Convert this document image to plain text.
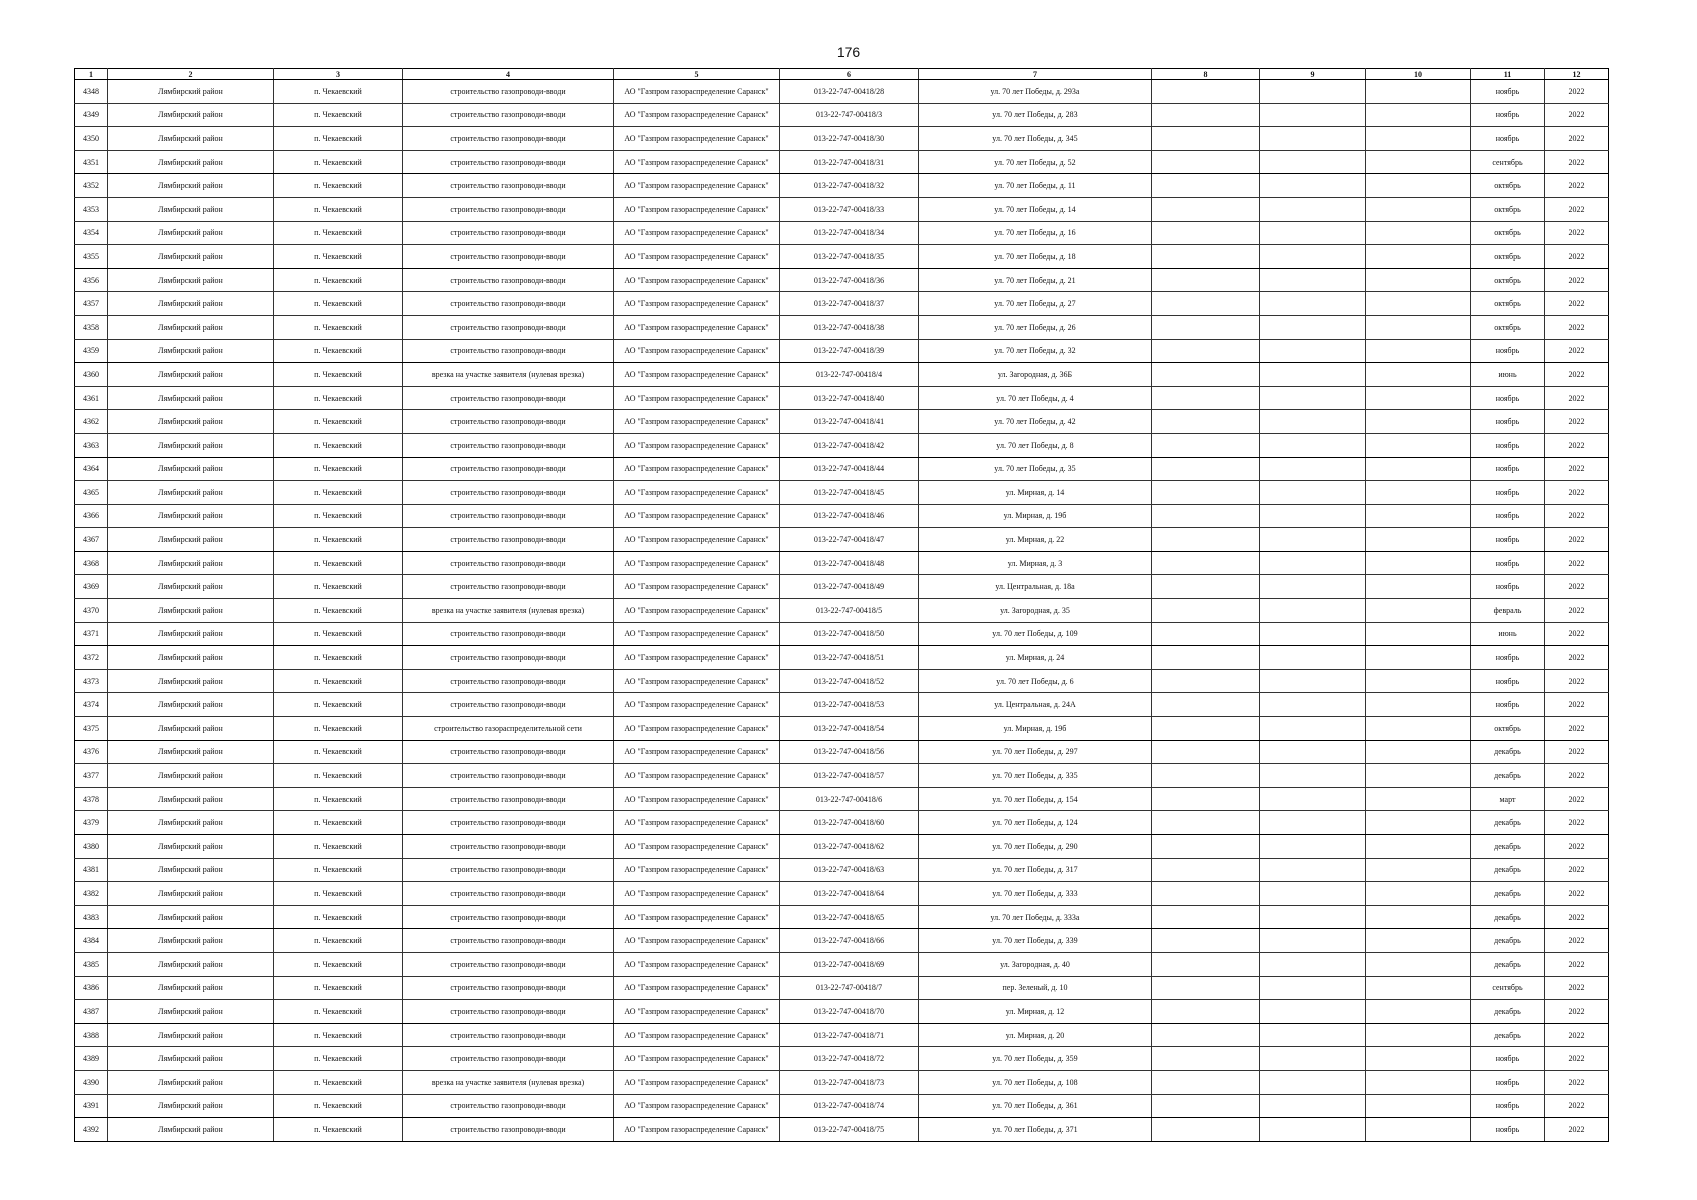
176
1	2	3	4	5	6	7	8	9	10	11	12
4348	Лямбирский район	п. Чекаевский	строительство газопроводи-вводи	АО "Газпром газораспределение Саранск"	013-22-747-00418/28	ул. 70 лет Победы, д. 293а				ноябрь	2022
4349	Лямбирский район	п. Чекаевский	строительство газопроводи-вводи	АО "Газпром газораспределение Саранск"	013-22-747-00418/3	ул. 70 лет Победы, д. 283				ноябрь	2022
4350	Лямбирский район	п. Чекаевский	строительство газопроводи-вводи	АО "Газпром газораспределение Саранск"	013-22-747-00418/30	ул. 70 лет Победы, д. 345				ноябрь	2022
4351	Лямбирский район	п. Чекаевский	строительство газопроводи-вводи	АО "Газпром газораспределение Саранск"	013-22-747-00418/31	ул. 70 лет Победы, д. 52				сентябрь	2022
4352	Лямбирский район	п. Чекаевский	строительство газопроводи-вводи	АО "Газпром газораспределение Саранск"	013-22-747-00418/32	ул. 70 лет Победы, д. 11				октябрь	2022
4353	Лямбирский район	п. Чекаевский	строительство газопроводи-вводи	АО "Газпром газораспределение Саранск"	013-22-747-00418/33	ул. 70 лет Победы, д. 14				октябрь	2022
4354	Лямбирский район	п. Чекаевский	строительство газопроводи-вводи	АО "Газпром газораспределение Саранск"	013-22-747-00418/34	ул. 70 лет Победы, д. 16				октябрь	2022
4355	Лямбирский район	п. Чекаевский	строительство газопроводи-вводи	АО "Газпром газораспределение Саранск"	013-22-747-00418/35	ул. 70 лет Победы, д. 18				октябрь	2022
4356	Лямбирский район	п. Чекаевский	строительство газопроводи-вводи	АО "Газпром газораспределение Саранск"	013-22-747-00418/36	ул. 70 лет Победы, д. 21				октябрь	2022
4357	Лямбирский район	п. Чекаевский	строительство газопроводи-вводи	АО "Газпром газораспределение Саранск"	013-22-747-00418/37	ул. 70 лет Победы, д. 27				октябрь	2022
4358	Лямбирский район	п. Чекаевский	строительство газопроводи-вводи	АО "Газпром газораспределение Саранск"	013-22-747-00418/38	ул. 70 лет Победы, д. 26				октябрь	2022
4359	Лямбирский район	п. Чекаевский	строительство газопроводи-вводи	АО "Газпром газораспределение Саранск"	013-22-747-00418/39	ул. 70 лет Победы, д. 32				ноябрь	2022
4360	Лямбирский район	п. Чекаевский	врезка на участке заявителя (нулевая врезка)	АО "Газпром газораспределение Саранск"	013-22-747-00418/4	ул. Загородная, д. 36Б				июнь	2022
4361	Лямбирский район	п. Чекаевский	строительство газопроводи-вводи	АО "Газпром газораспределение Саранск"	013-22-747-00418/40	ул. 70 лет Победы, д. 4				ноябрь	2022
4362	Лямбирский район	п. Чекаевский	строительство газопроводи-вводи	АО "Газпром газораспределение Саранск"	013-22-747-00418/41	ул. 70 лет Победы, д. 42				ноябрь	2022
4363	Лямбирский район	п. Чекаевский	строительство газопроводи-вводи	АО "Газпром газораспределение Саранск"	013-22-747-00418/42	ул. 70 лет Победы, д. 8				ноябрь	2022
4364	Лямбирский район	п. Чекаевский	строительство газопроводи-вводи	АО "Газпром газораспределение Саранск"	013-22-747-00418/44	ул. 70 лет Победы, д. 35				ноябрь	2022
4365	Лямбирский район	п. Чекаевский	строительство газопроводи-вводи	АО "Газпром газораспределение Саранск"	013-22-747-00418/45	ул. Мирная, д. 14				ноябрь	2022
4366	Лямбирский район	п. Чекаевский	строительство газопроводи-вводи	АО "Газпром газораспределение Саранск"	013-22-747-00418/46	ул. Мирная, д. 19б				ноябрь	2022
4367	Лямбирский район	п. Чекаевский	строительство газопроводи-вводи	АО "Газпром газораспределение Саранск"	013-22-747-00418/47	ул. Мирная, д. 22				ноябрь	2022
4368	Лямбирский район	п. Чекаевский	строительство газопроводи-вводи	АО "Газпром газораспределение Саранск"	013-22-747-00418/48	ул. Мирная, д. 3				ноябрь	2022
4369	Лямбирский район	п. Чекаевский	строительство газопроводи-вводи	АО "Газпром газораспределение Саранск"	013-22-747-00418/49	ул. Центральная, д. 18а				ноябрь	2022
4370	Лямбирский район	п. Чекаевский	врезка на участке заявителя (нулевая врезка)	АО "Газпром газораспределение Саранск"	013-22-747-00418/5	ул. Загородная, д. 35				февраль	2022
4371	Лямбирский район	п. Чекаевский	строительство газопроводи-вводи	АО "Газпром газораспределение Саранск"	013-22-747-00418/50	ул. 70 лет Победы, д. 109				июнь	2022
4372	Лямбирский район	п. Чекаевский	строительство газопроводи-вводи	АО "Газпром газораспределение Саранск"	013-22-747-00418/51	ул. Мирная, д. 24				ноябрь	2022
4373	Лямбирский район	п. Чекаевский	строительство газопроводи-вводи	АО "Газпром газораспределение Саранск"	013-22-747-00418/52	ул. 70 лет Победы, д. 6				ноябрь	2022
4374	Лямбирский район	п. Чекаевский	строительство газопроводи-вводи	АО "Газпром газораспределение Саранск"	013-22-747-00418/53	ул. Центральная, д. 24А				ноябрь	2022
4375	Лямбирский район	п. Чекаевский	строительство газораспределительной сети	АО "Газпром газораспределение Саранск"	013-22-747-00418/54	ул. Мирная, д. 19б				октябрь	2022
4376	Лямбирский район	п. Чекаевский	строительство газопроводи-вводи	АО "Газпром газораспределение Саранск"	013-22-747-00418/56	ул. 70 лет Победы, д. 297				декабрь	2022
4377	Лямбирский район	п. Чекаевский	строительство газопроводи-вводи	АО "Газпром газораспределение Саранск"	013-22-747-00418/57	ул. 70 лет Победы, д. 335				декабрь	2022
4378	Лямбирский район	п. Чекаевский	строительство газопроводи-вводи	АО "Газпром газораспределение Саранск"	013-22-747-00418/6	ул. 70 лет Победы, д. 154				март	2022
4379	Лямбирский район	п. Чекаевский	строительство газопроводи-вводи	АО "Газпром газораспределение Саранск"	013-22-747-00418/60	ул. 70 лет Победы, д. 124				декабрь	2022
4380	Лямбирский район	п. Чекаевский	строительство газопроводи-вводи	АО "Газпром газораспределение Саранск"	013-22-747-00418/62	ул. 70 лет Победы, д. 290				декабрь	2022
4381	Лямбирский район	п. Чекаевский	строительство газопроводи-вводи	АО "Газпром газораспределение Саранск"	013-22-747-00418/63	ул. 70 лет Победы, д. 317				декабрь	2022
4382	Лямбирский район	п. Чекаевский	строительство газопроводи-вводи	АО "Газпром газораспределение Саранск"	013-22-747-00418/64	ул. 70 лет Победы, д. 333				декабрь	2022
4383	Лямбирский район	п. Чекаевский	строительство газопроводи-вводи	АО "Газпром газораспределение Саранск"	013-22-747-00418/65	ул. 70 лет Победы, д. 333а				декабрь	2022
4384	Лямбирский район	п. Чекаевский	строительство газопроводи-вводи	АО "Газпром газораспределение Саранск"	013-22-747-00418/66	ул. 70 лет Победы, д. 339				декабрь	2022
4385	Лямбирский район	п. Чекаевский	строительство газопроводи-вводи	АО "Газпром газораспределение Саранск"	013-22-747-00418/69	ул. Загородная, д. 40				декабрь	2022
4386	Лямбирский район	п. Чекаевский	строительство газопроводи-вводи	АО "Газпром газораспределение Саранск"	013-22-747-00418/7	пер. Зеленый, д. 10				сентябрь	2022
4387	Лямбирский район	п. Чекаевский	строительство газопроводи-вводи	АО "Газпром газораспределение Саранск"	013-22-747-00418/70	ул. Мирная, д. 12				декабрь	2022
4388	Лямбирский район	п. Чекаевский	строительство газопроводи-вводи	АО "Газпром газораспределение Саранск"	013-22-747-00418/71	ул. Мирная, д. 20				декабрь	2022
4389	Лямбирский район	п. Чекаевский	строительство газопроводи-вводи	АО "Газпром газораспределение Саранск"	013-22-747-00418/72	ул. 70 лет Победы, д. 359				ноябрь	2022
4390	Лямбирский район	п. Чекаевский	врезка на участке заявителя (нулевая врезка)	АО "Газпром газораспределение Саранск"	013-22-747-00418/73	ул. 70 лет Победы, д. 108				ноябрь	2022
4391	Лямбирский район	п. Чекаевский	строительство газопроводи-вводи	АО "Газпром газораспределение Саранск"	013-22-747-00418/74	ул. 70 лет Победы, д. 361				ноябрь	2022
4392	Лямбирский район	п. Чекаевский	строительство газопроводи-вводи	АО "Газпром газораспределение Саранск"	013-22-747-00418/75	ул. 70 лет Победы, д. 371				ноябрь	2022
